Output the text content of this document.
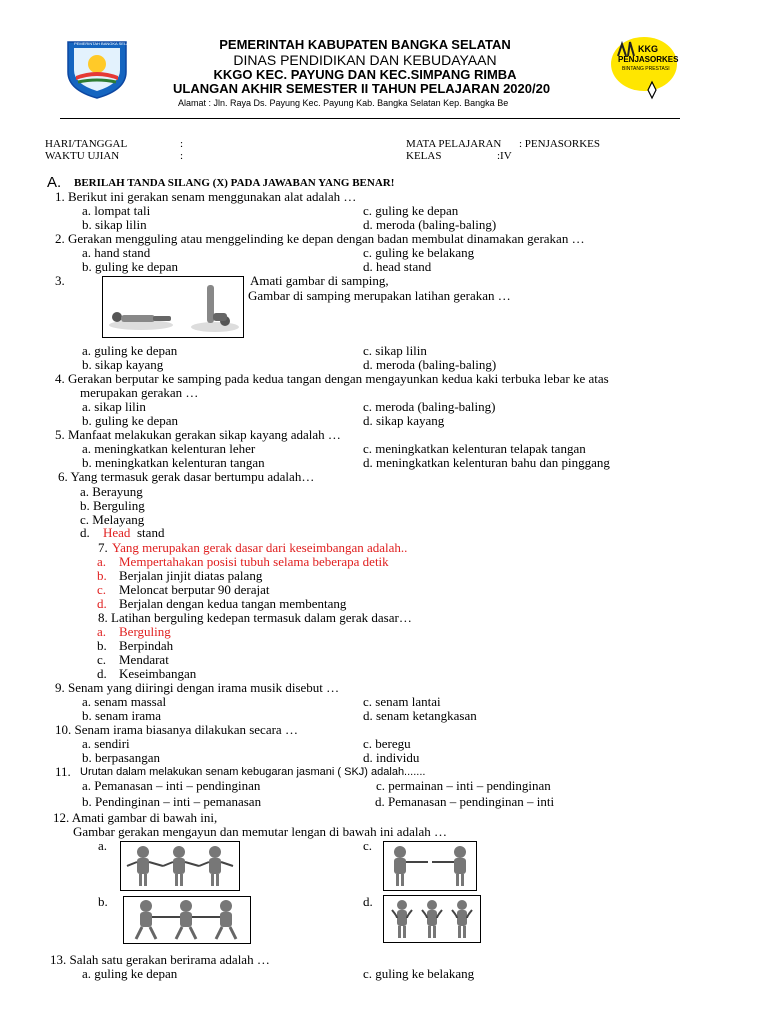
PEMERINTAH BANGKA SELATAN
KKG
PENJASORKES
BINTANG PRESTASI
PEMERINTAH KABUPATEN BANGKA SELATAN
DINAS PENDIDIKAN DAN KEBUDAYAAN
KKGO KEC. PAYUNG DAN KEC.SIMPANG RIMBA
ULANGAN AKHIR SEMESTER II TAHUN PELAJARAN 2020/20
Alamat : Jln. Raya Ds. Payung Kec. Payung Kab. Bangka Selatan Kep. Bangka Be
HARI/TANGGAL	:
WAKTU UJIAN	:
MATA PELAJARAN : PENJASORKES
KELAS	:IV
A. BERILAH TANDA SILANG (X) PADA JAWABAN YANG BENAR!
1. Berikut ini gerakan senam menggunakan alat adalah …
a. lompat tali	c. guling ke depan
b. sikap lilin	d. meroda (baling-baling)
2. Gerakan mengguling atau menggelinding ke depan dengan badan membulat dinamakan gerakan …
a. hand stand	c. guling ke belakang
b. guling ke depan	d. head stand
3.	Amati gambar di samping,
Gambar di samping merupakan latihan gerakan …
a. guling ke depan	c. sikap lilin
b. sikap kayang	d. meroda (baling-baling)
4. Gerakan berputar ke samping pada kedua tangan dengan mengayunkan kedua kaki terbuka lebar ke atas
merupakan gerakan …
a. sikap lilin	c. meroda (baling-baling)
b. guling ke depan	d. sikap kayang
5. Manfaat melakukan gerakan sikap kayang adalah …
a. meningkatkan kelenturan leher	c. meningkatkan kelenturan telapak tangan
b. meningkatkan kelenturan tangan	d. meningkatkan kelenturan bahu dan pinggang
6. Yang termasuk gerak dasar bertumpu adalah…
a. Berayung
b. Berguling
c. Melayang
d. Head stand
7. Yang merupakan gerak dasar dari keseimbangan adalah..
a. Mempertahakan posisi tubuh selama beberapa detik
b. Berjalan jinjit diatas palang
c. Meloncat berputar 90 derajat
d. Berjalan dengan kedua tangan membentang
8. Latihan berguling kedepan termasuk dalam gerak dasar…
a. Berguling
b. Berpindah
c. Mendarat
d. Keseimbangan
9. Senam yang diiringi dengan irama musik disebut …
a. senam massal	c. senam lantai
b. senam irama	d. senam ketangkasan
10. Senam irama biasanya dilakukan secara …
a. sendiri	c. beregu
b. berpasangan	d. individu
11. Urutan dalam melakukan senam kebugaran jasmani ( SKJ) adalah.......
a. Pemanasan – inti – pendinginan	c. permainan – inti – pendinginan
b. Pendinginan – inti – pemanasan	d. Pemanasan – pendinginan – inti
12. Amati gambar di bawah ini,
Gambar gerakan mengayun dan memutar lengan di bawah ini adalah …
a.	c.
b.	d.
13. Salah satu gerakan berirama adalah …
a. guling ke depan	c. guling ke belakang
